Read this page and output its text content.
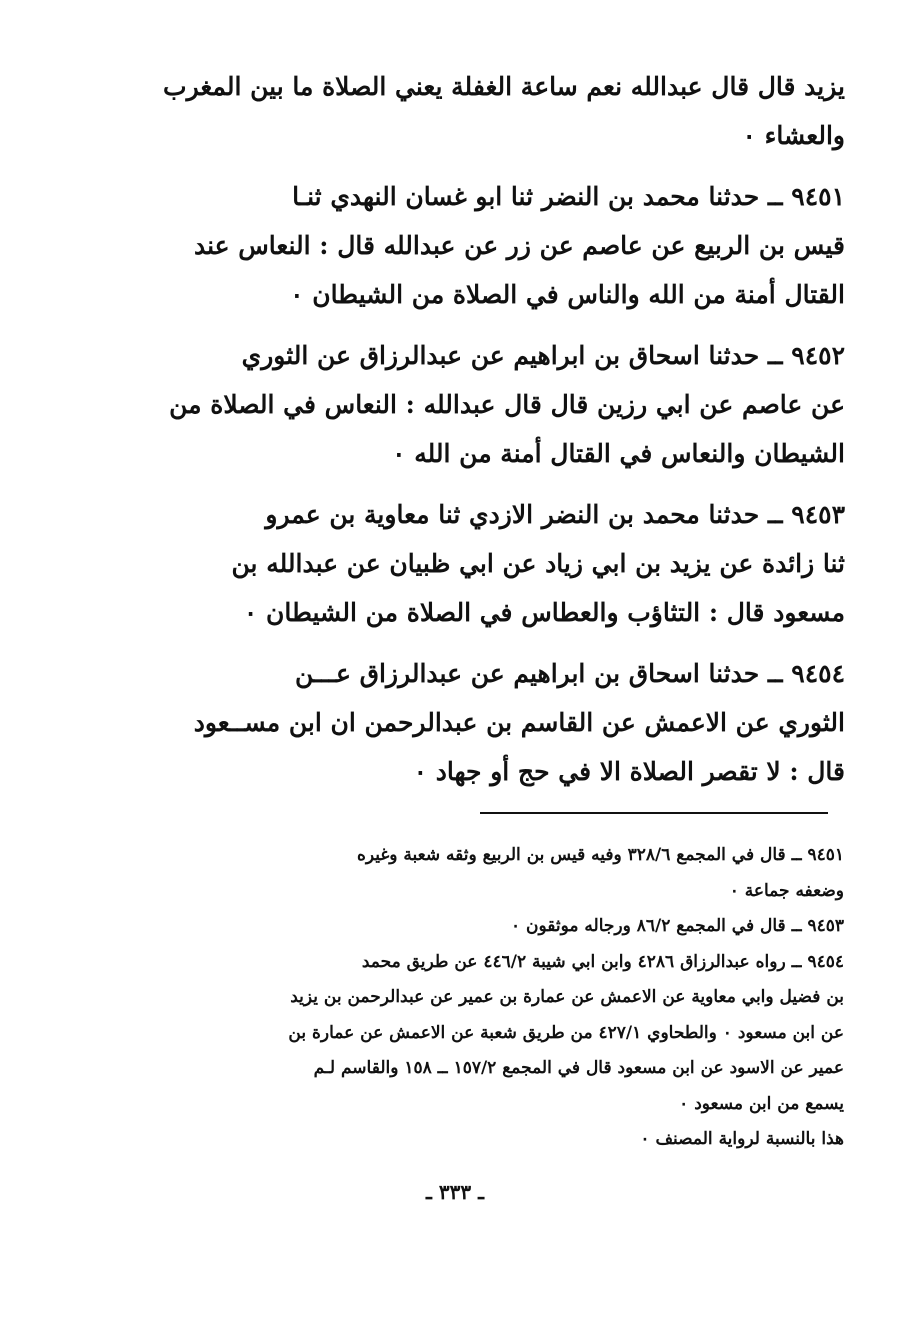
يزيد قال قال عبدالله نعم ساعة الغفلة يعني الصلاة ما بين المغرب

والعشاء ٠

٩٤٥١ ــ حدثنا محمد بن النضر ثنا ابو غسان النهدي ثنـا

قيس بن الربيع عن عاصم عن زر عن عبدالله قال : النعاس عند

القتال أمنة من الله والناس في الصلاة من الشيطان ٠

٩٤٥٢ ــ حدثنا اسحاق بن ابراهيم عن عبدالرزاق عن الثوري

عن عاصم عن ابي رزين قال قال عبدالله : النعاس في الصلاة من

الشيطان والنعاس في القتال أمنة من الله ٠

٩٤٥٣ ــ حدثنا محمد بن النضر الازدي ثنا معاوية بن عمرو

ثنا زائدة عن يزيد بن ابي زياد عن ابي ظبيان عن عبدالله بن

مسعود قال : التثاؤب والعطاس في الصلاة من الشيطان ٠

٩٤٥٤ ــ حدثنا اسحاق بن ابراهيم عن عبدالرزاق عـــن

الثوري عن الاعمش عن القاسم بن عبدالرحمن ان ابن مســعود

قال : لا تقصر الصلاة الا في حج أو جهاد ٠

٩٤٥١ ــ قال في المجمع ٣٢٨/٦ وفيه قيس بن الربيع وثقه شعبة وغيره

وضعفه جماعة ٠

٩٤٥٣ ــ قال في المجمع ٨٦/٢ ورجاله موثقون ٠

٩٤٥٤ ــ رواه عبدالرزاق ٤٢٨٦ وابن ابي شيبة ٤٤٦/٢ عن طريق محمد

بن فضيل وابي معاوية عن الاعمش عن عمارة بن عمير عن عبدالرحمن بن يزيد

عن ابن مسعود ٠ والطحاوي ٤٢٧/١ من طريق شعبة عن الاعمش عن عمارة بن

عمير عن الاسود عن ابن مسعود قال في المجمع ١٥٧/٢ ــ ١٥٨ والقاسم لـم

يسمع من ابن مسعود ٠

هذا بالنسبة لرواية المصنف ٠

ـ ٣٣٣ ـ
